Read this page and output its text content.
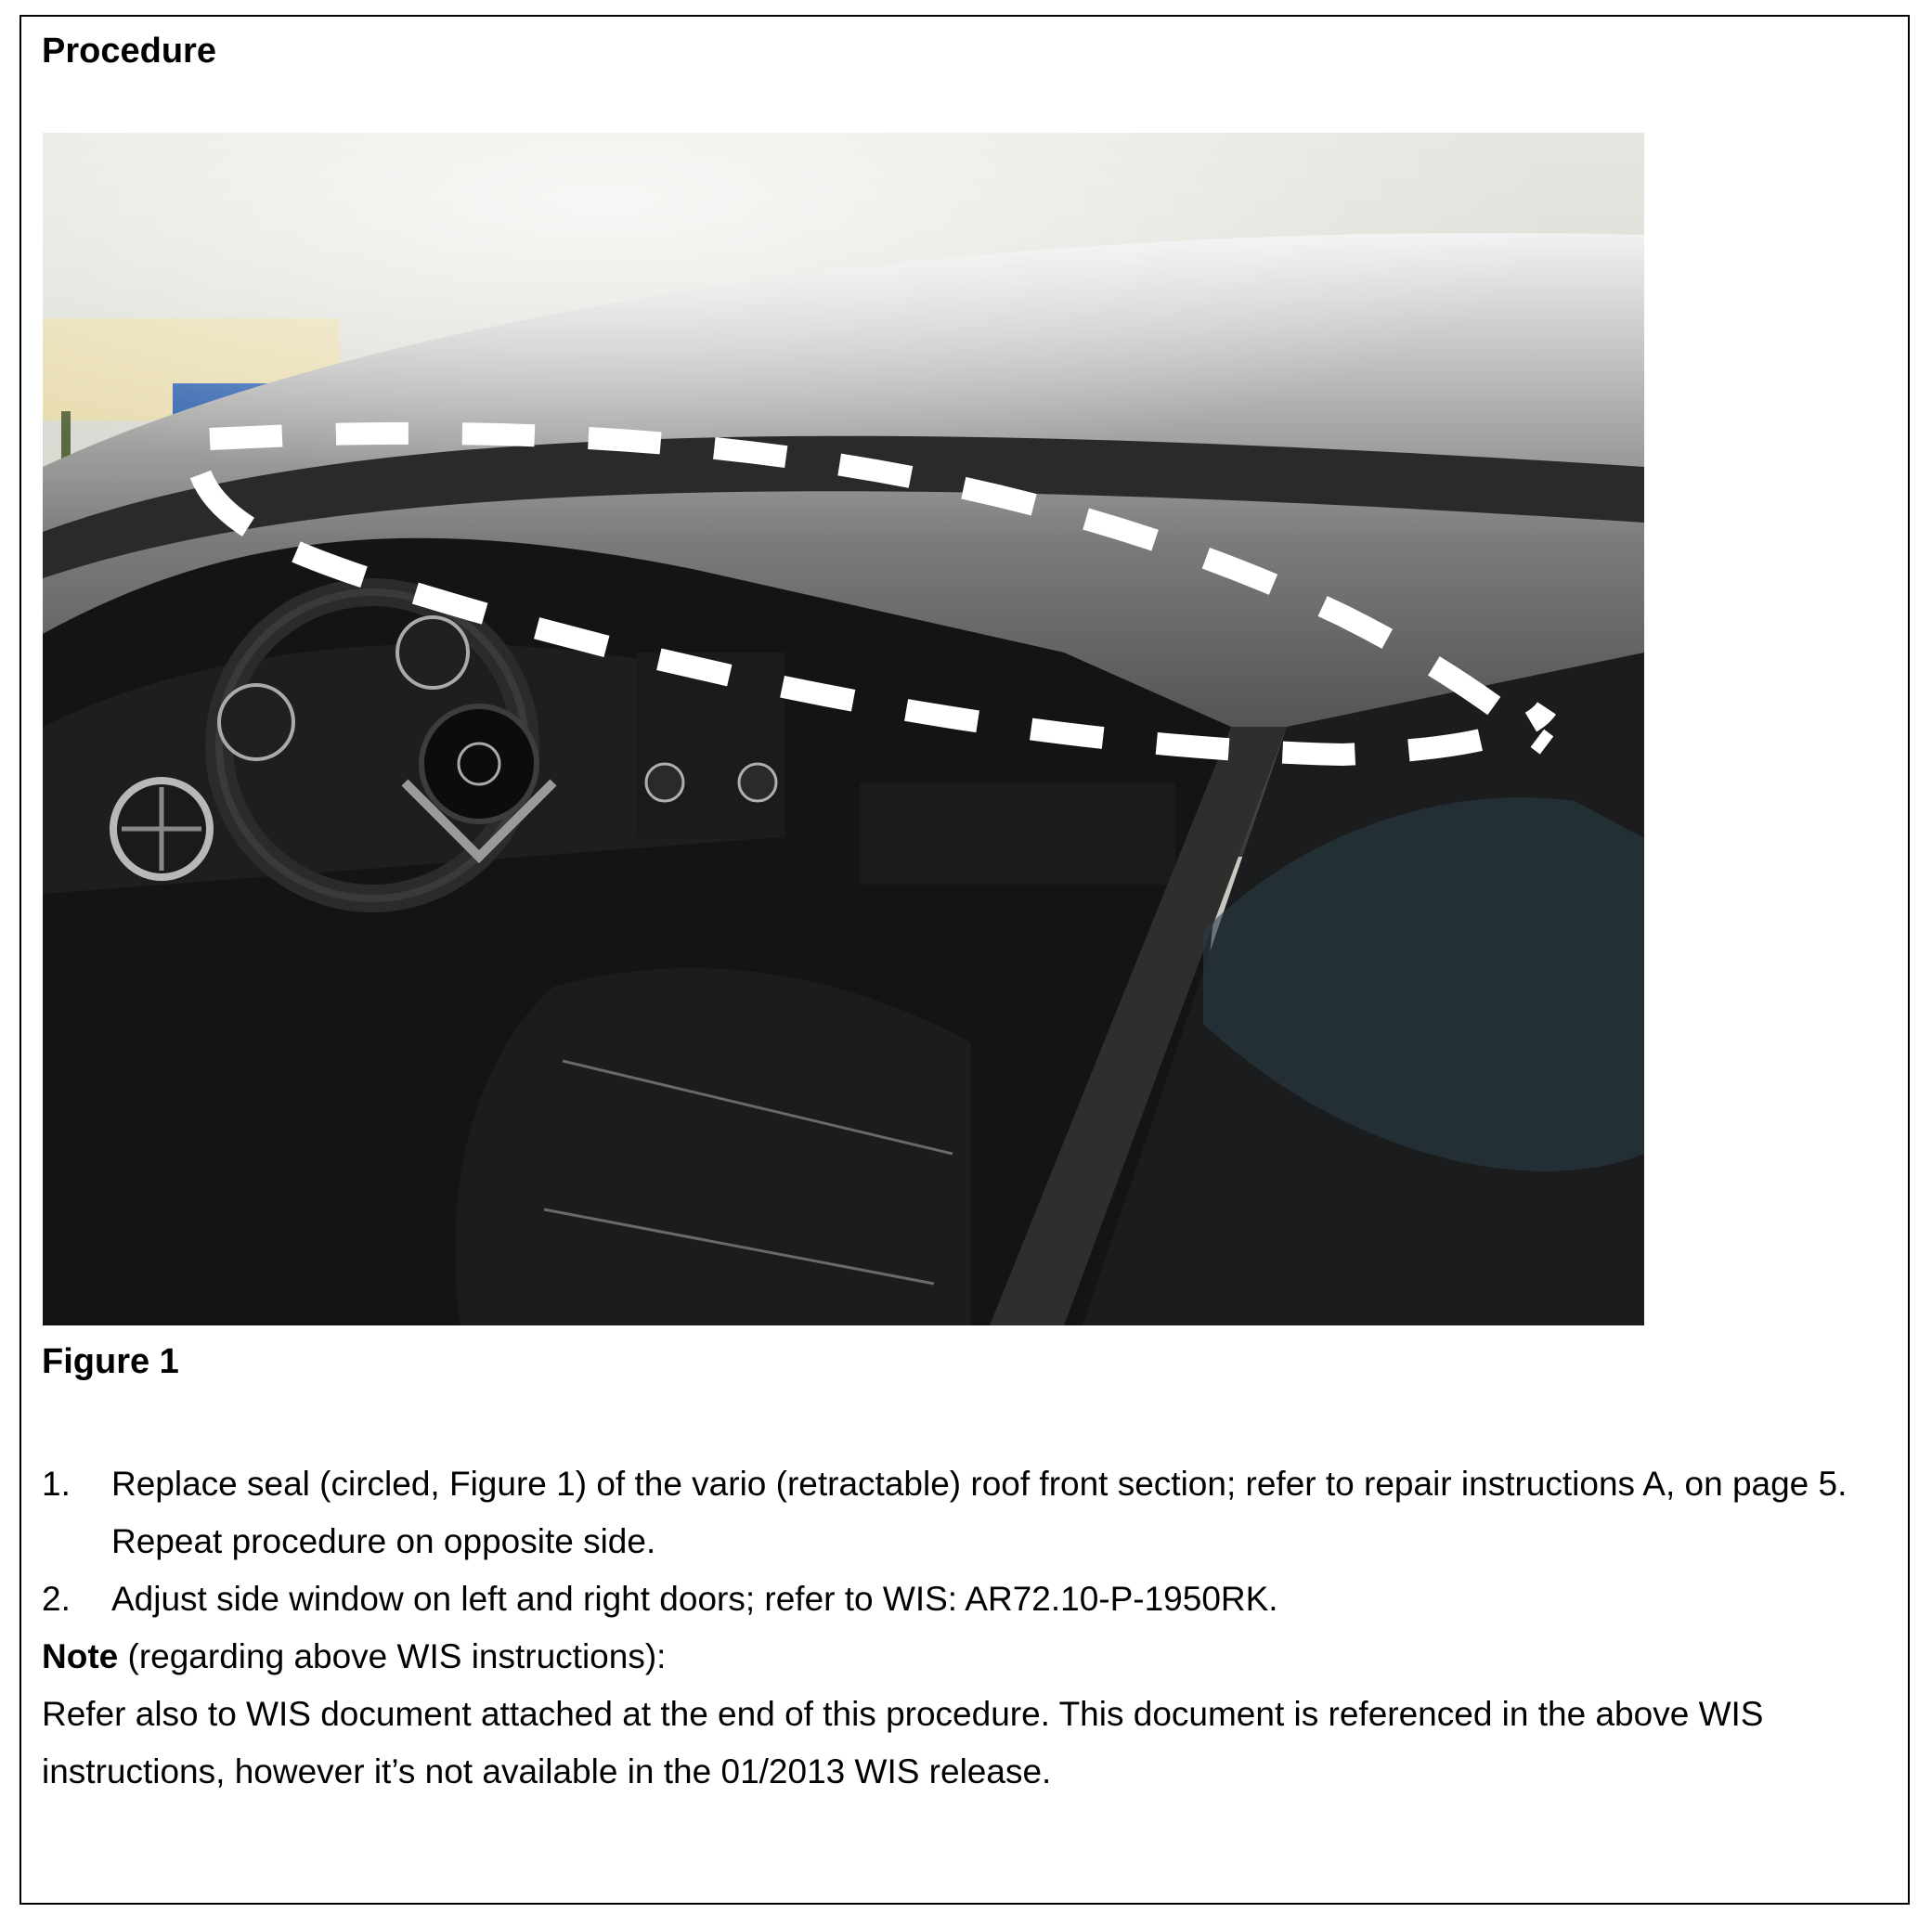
Procedure
Figure 1
1.	Replace seal (circled, Figure 1) of the vario (retractable) roof front section; refer to repair instructions A, on page 5. Repeat procedure on opposite side.
2.	Adjust side window on left and right doors; refer to WIS: AR72.10-P-1950RK.
Note (regarding above WIS instructions):
Refer also to WIS document attached at the end of this procedure. This document is referenced in the above WIS instructions, however it’s not available in the 01/2013 WIS release.
